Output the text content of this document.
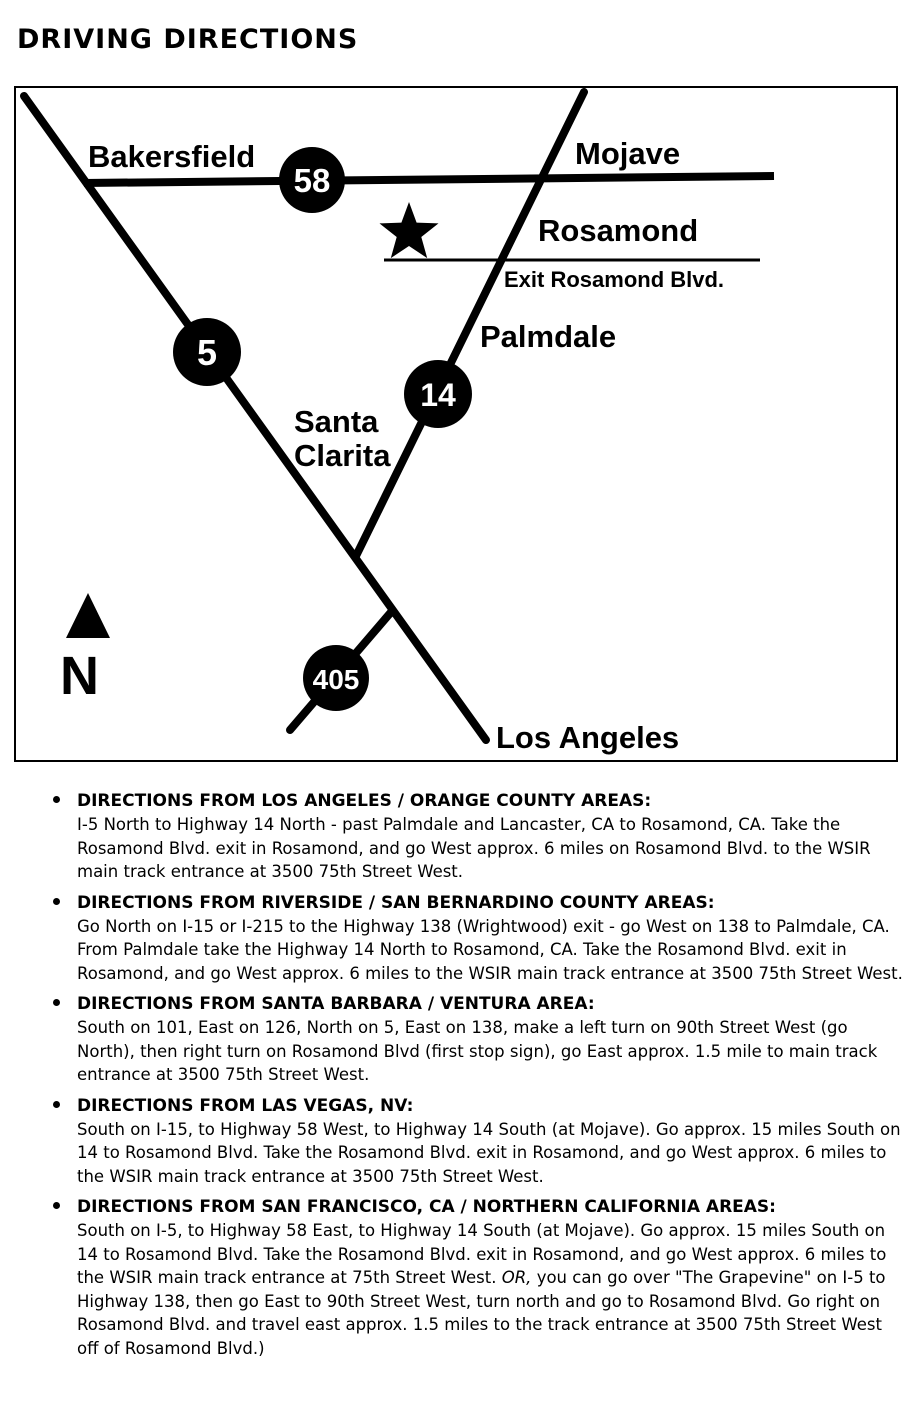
DRIVING DIRECTIONS
58
5
14
405
Bakersfield	Mojave
Rosamond
Exit Rosamond Blvd.
Palmdale
Santa
Clarita
Los Angeles
N
DIRECTIONS FROM LOS ANGELES / ORANGE COUNTY AREAS:
I-5 North to Highway 14 North - past Palmdale and Lancaster, CA to Rosamond, CA. Take the Rosamond Blvd. exit in Rosamond, and go West approx. 6 miles on Rosamond Blvd. to the WSIR main track entrance at 3500 75th Street West.
DIRECTIONS FROM RIVERSIDE / SAN BERNARDINO COUNTY AREAS:
Go North on I-15 or I-215 to the Highway 138 (Wrightwood) exit - go West on 138 to Palmdale, CA. From Palmdale take the Highway 14 North to Rosamond, CA. Take the Rosamond Blvd. exit in Rosamond, and go West approx. 6 miles to the WSIR main track entrance at 3500 75th Street West.
DIRECTIONS FROM SANTA BARBARA / VENTURA AREA:
South on 101, East on 126, North on 5, East on 138, make a left turn on 90th Street West (go North), then right turn on Rosamond Blvd (first stop sign), go East approx. 1.5 mile to main track entrance at 3500 75th Street West.
DIRECTIONS FROM LAS VEGAS, NV:
South on I-15, to Highway 58 West, to Highway 14 South (at Mojave). Go approx. 15 miles South on 14 to Rosamond Blvd. Take the Rosamond Blvd. exit in Rosamond, and go West approx. 6 miles to the WSIR main track entrance at 3500 75th Street West.
DIRECTIONS FROM SAN FRANCISCO, CA / NORTHERN CALIFORNIA AREAS:
South on I-5, to Highway 58 East, to Highway 14 South (at Mojave). Go approx. 15 miles South on 14 to Rosamond Blvd. Take the Rosamond Blvd. exit in Rosamond, and go West approx. 6 miles to the WSIR main track entrance at 75th Street West. OR, you can go over "The Grapevine" on I-5 to Highway 138, then go East to 90th Street West, turn north and go to Rosamond Blvd. Go right on Rosamond Blvd. and travel east approx. 1.5 miles to the track entrance at 3500 75th Street West off of Rosamond Blvd.)
